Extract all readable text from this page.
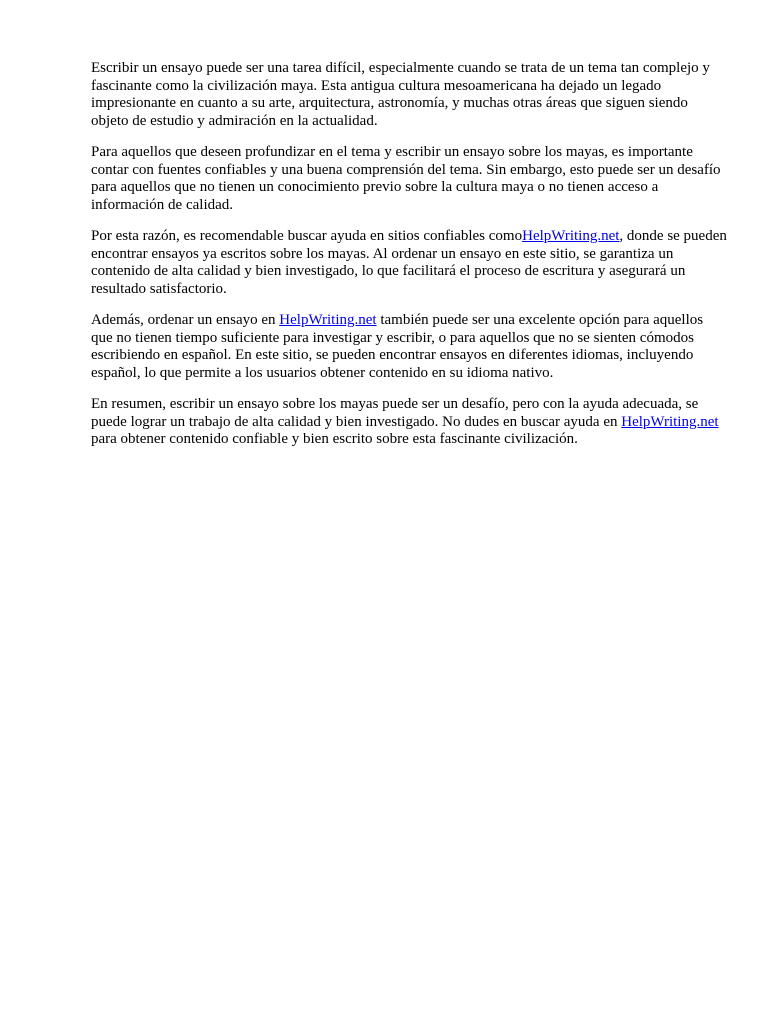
Escribir un ensayo puede ser una tarea difícil, especialmente cuando se trata de un tema tan complejo y fascinante como la civilización maya. Esta antigua cultura mesoamericana ha dejado un legado impresionante en cuanto a su arte, arquitectura, astronomía, y muchas otras áreas que siguen siendo objeto de estudio y admiración en la actualidad.

Para aquellos que deseen profundizar en el tema y escribir un ensayo sobre los mayas, es importante contar con fuentes confiables y una buena comprensión del tema. Sin embargo, esto puede ser un desafío para aquellos que no tienen un conocimiento previo sobre la cultura maya o no tienen acceso a información de calidad.

Por esta razón, es recomendable buscar ayuda en sitios confiables comoHelpWriting.net, donde se pueden encontrar ensayos ya escritos sobre los mayas. Al ordenar un ensayo en este sitio, se garantiza un contenido de alta calidad y bien investigado, lo que facilitará el proceso de escritura y asegurará un resultado satisfactorio.

Además, ordenar un ensayo en HelpWriting.net también puede ser una excelente opción para aquellos que no tienen tiempo suficiente para investigar y escribir, o para aquellos que no se sienten cómodos escribiendo en español. En este sitio, se pueden encontrar ensayos en diferentes idiomas, incluyendo español, lo que permite a los usuarios obtener contenido en su idioma nativo.

En resumen, escribir un ensayo sobre los mayas puede ser un desafío, pero con la ayuda adecuada, se puede lograr un trabajo de alta calidad y bien investigado. No dudes en buscar ayuda en HelpWriting.net para obtener contenido confiable y bien escrito sobre esta fascinante civilización.
